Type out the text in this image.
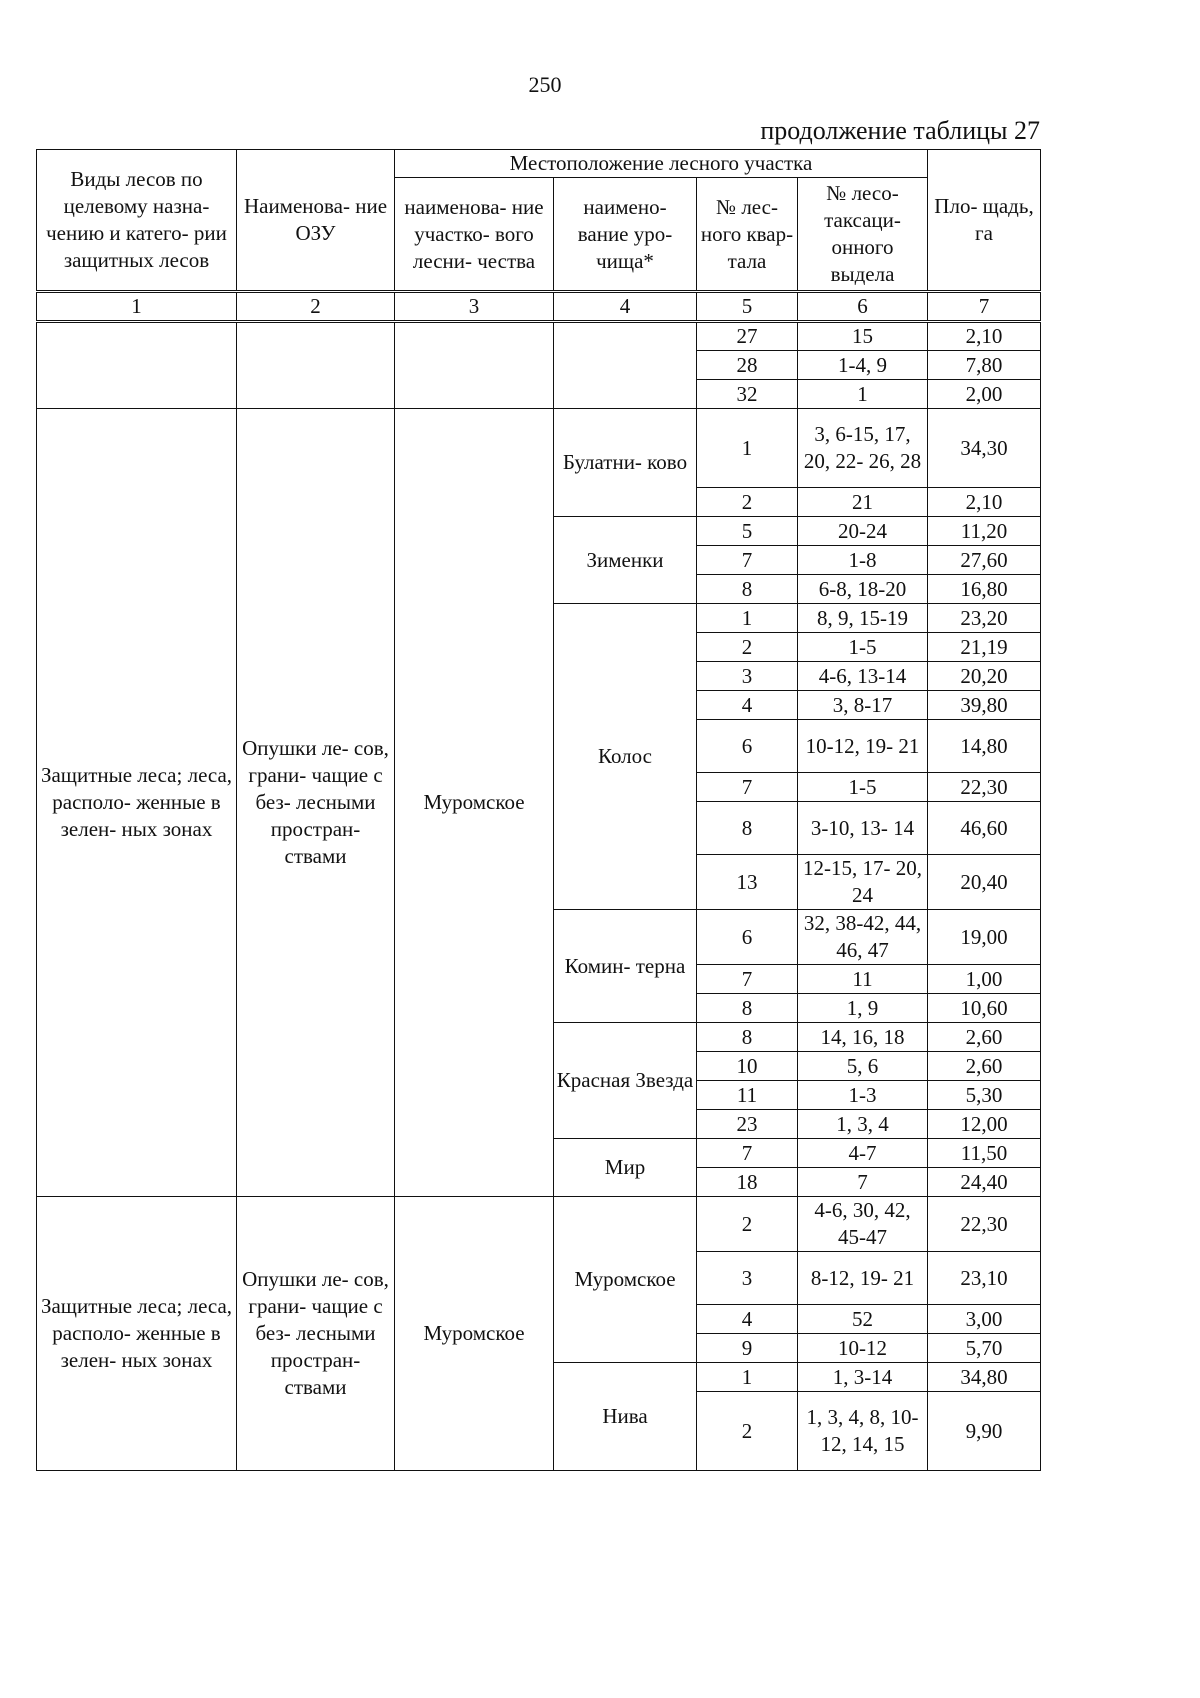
250
продолжение таблицы 27
Виды лесов по целевому назна- чению и катего- рии защитных лесов	Наименова- ние ОЗУ	Местоположение лесного участка				Пло- щадь, га
		наименова- ние участко- вого лесни- чества	наимено- вание уро- чища*	№ лес- ного квар- тала	№ лесо- таксаци- онного выдела	
1	2	3	4	5	6	7
				27	15	2,10
				28	1-4, 9	7,80
				32	1	2,00
Защитные леса; леса, располо- женные в зелен- ных зонах	Опушки ле- сов, грани- чащие с без- лесными простран- ствами	Муромское	Булатни- ково	1	3, 6-15, 17, 20, 22- 26, 28	34,30
				2	21	2,10
			Зименки	5	20-24	11,20
				7	1-8	27,60
				8	6-8, 18-20	16,80
			Колос	1	8, 9, 15-19	23,20
				2	1-5	21,19
				3	4-6, 13-14	20,20
				4	3, 8-17	39,80
				6	10-12, 19- 21	14,80
				7	1-5	22,30
				8	3-10, 13- 14	46,60
				13	12-15, 17- 20, 24	20,40
			Комин- терна	6	32, 38-42, 44, 46, 47	19,00
				7	11	1,00
				8	1, 9	10,60
			Красная Звезда	8	14, 16, 18	2,60
				10	5, 6	2,60
				11	1-3	5,30
				23	1, 3, 4	12,00
			Мир	7	4-7	11,50
				18	7	24,40
Защитные леса; леса, располо- женные в зелен- ных зонах	Опушки ле- сов, грани- чащие с без- лесными простран- ствами	Муромское	Муромское	2	4-6, 30, 42, 45-47	22,30
				3	8-12, 19- 21	23,10
				4	52	3,00
				9	10-12	5,70
			Нива	1	1, 3-14	34,80
				2	1, 3, 4, 8, 10-12, 14, 15	9,90
